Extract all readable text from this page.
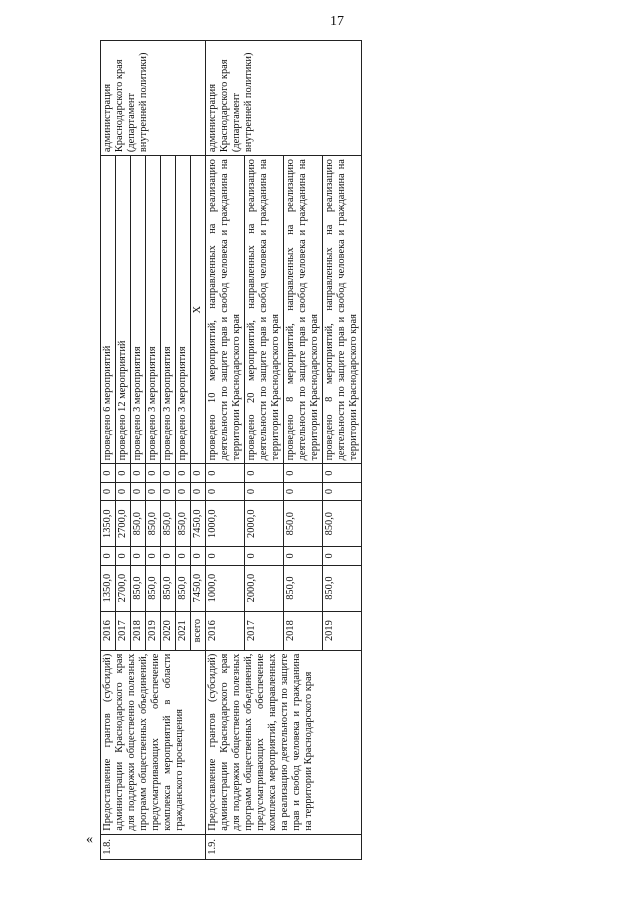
17
« 1.8.	Предоставление грантов (субсидий) администрации Краснодарского края для поддержки общественно полезных программ общественных объединений, предусматривающих обеспечение комплекса мероприятий в области гражданского просвещения	2016	1350,0	0	1350,0	0	0	проведено 6 мероприятий	администрация Краснодарского края (департамент внутренней политики)
		2017	2700,0	0	2700,0	0	0	проведено 12 мероприятий	
		2018	850,0	0	850,0	0	0	проведено 3 мероприятия	
		2019	850,0	0	850,0	0	0	проведено 3 мероприятия	
		2020	850,0	0	850,0	0	0	проведено 3 мероприятия	
		2021	850,0	0	850,0	0	0	проведено 3 мероприятия	
		всего	7450,0	0	7450,0	0	0	Х	
1.9.	Предоставление грантов (субсидий) администрации Краснодарского края для поддержки общественно полезных программ общественных объединений, предусматривающих обеспечение комплекса мероприятий, направленных на реализацию деятельности по защите прав и свобод человека и гражданина на территории Краснодарского края	2016	1000,0	0	1000,0	0	0	проведено 10 мероприятий, направленных на реализацию деятельности по защите прав и свобод человека и гражданина на территории Краснодарского края	администрация Краснодарского края (департамент внутренней политики)
		2017	2000,0	0	2000,0	0	0	проведено 20 мероприятий, направленных на реализацию деятельности по защите прав и свобод человека и гражданина на территории Краснодарского края	
		2018	850,0	0	850,0	0	0	проведено 8 мероприятий, направленных на реализацию деятельности по защите прав и свобод человека и гражданина на территории Краснодарского края	
		2019	850,0	0	850,0	0	0	проведено 8 мероприятий, направленных на реализацию деятельности по защите прав и свобод человека и гражданина на территории Краснодарского края	
